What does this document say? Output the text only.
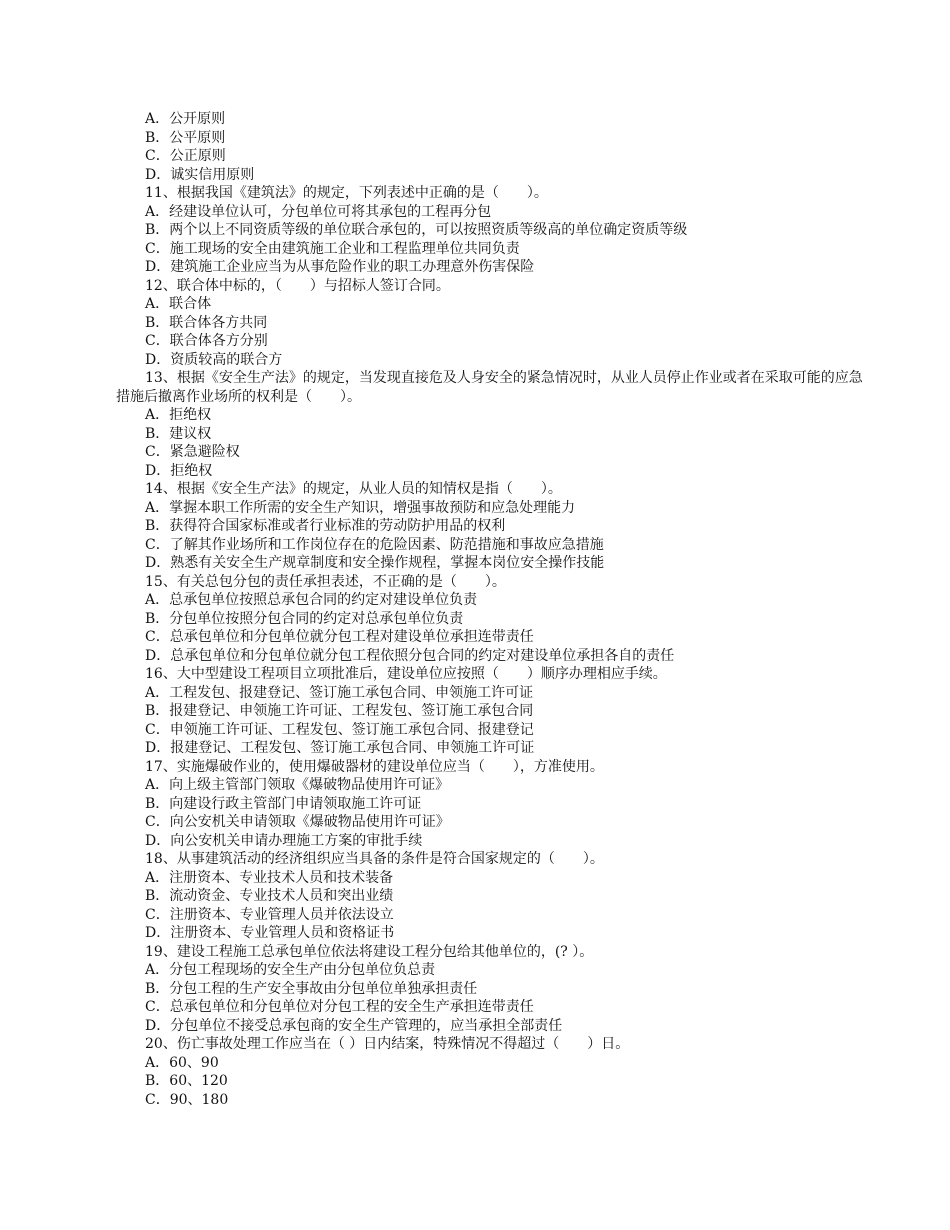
A．公开原则

B．公平原则

C．公正原则

D．诚实信用原则

11、根据我国《建筑法》的规定，下列表述中正确的是（　　）。

A．经建设单位认可，分包单位可将其承包的工程再分包

B．两个以上不同资质等级的单位联合承包的，可以按照资质等级高的单位确定资质等级

C．施工现场的安全由建筑施工企业和工程监理单位共同负责

D．建筑施工企业应当为从事危险作业的职工办理意外伤害保险

12、联合体中标的，（　　）与招标人签订合同。

A．联合体

B．联合体各方共同

C．联合体各方分别

D．资质较高的联合方

13、根据《安全生产法》的规定，当发现直接危及人身安全的紧急情况时，从业人员停止作业或者在采取可能的应急措施后撤离作业场所的权利是（　　）。

A．拒绝权

B．建议权

C．紧急避险权

D．拒绝权

14、根据《安全生产法》的规定，从业人员的知情权是指（　　）。

A．掌握本职工作所需的安全生产知识，增强事故预防和应急处理能力

B．获得符合国家标准或者行业标准的劳动防护用品的权利

C．了解其作业场所和工作岗位存在的危险因素、防范措施和事故应急措施

D．熟悉有关安全生产规章制度和安全操作规程，掌握本岗位安全操作技能

15、有关总包分包的责任承担表述，不正确的是（　　）。

A．总承包单位按照总承包合同的约定对建设单位负责

B．分包单位按照分包合同的约定对总承包单位负责

C．总承包单位和分包单位就分包工程对建设单位承担连带责任

D．总承包单位和分包单位就分包工程依照分包合同的约定对建设单位承担各自的责任

16、大中型建设工程项目立项批准后，建设单位应按照（　　）顺序办理相应手续。

A．工程发包、报建登记、签订施工承包合同、申领施工许可证

B．报建登记、申领施工许可证、工程发包、签订施工承包合同

C．申领施工许可证、工程发包、签订施工承包合同、报建登记

D．报建登记、工程发包、签订施工承包合同、申领施工许可证

17、实施爆破作业的，使用爆破器材的建设单位应当（　　），方准使用。

A．向上级主管部门领取《爆破物品使用许可证》

B．向建设行政主管部门申请领取施工许可证

C．向公安机关申请领取《爆破物品使用许可证》

D．向公安机关申请办理施工方案的审批手续

18、从事建筑活动的经济组织应当具备的条件是符合国家规定的（　　）。

A．注册资本、专业技术人员和技术装备

B．流动资金、专业技术人员和突出业绩

C．注册资本、专业管理人员并依法设立

D．注册资本、专业管理人员和资格证书

19、建设工程施工总承包单位依法将建设工程分包给其他单位的，(? ）。

A．分包工程现场的安全生产由分包单位负总责

B．分包工程的生产安全事故由分包单位单独承担责任

C．总承包单位和分包单位对分包工程的安全生产承担连带责任

D．分包单位不接受总承包商的安全生产管理的，应当承担全部责任

20、伤亡事故处理工作应当在（ ）日内结案，特殊情况不得超过（　　）日。

A．60、90

B．60、120

C．90、180
